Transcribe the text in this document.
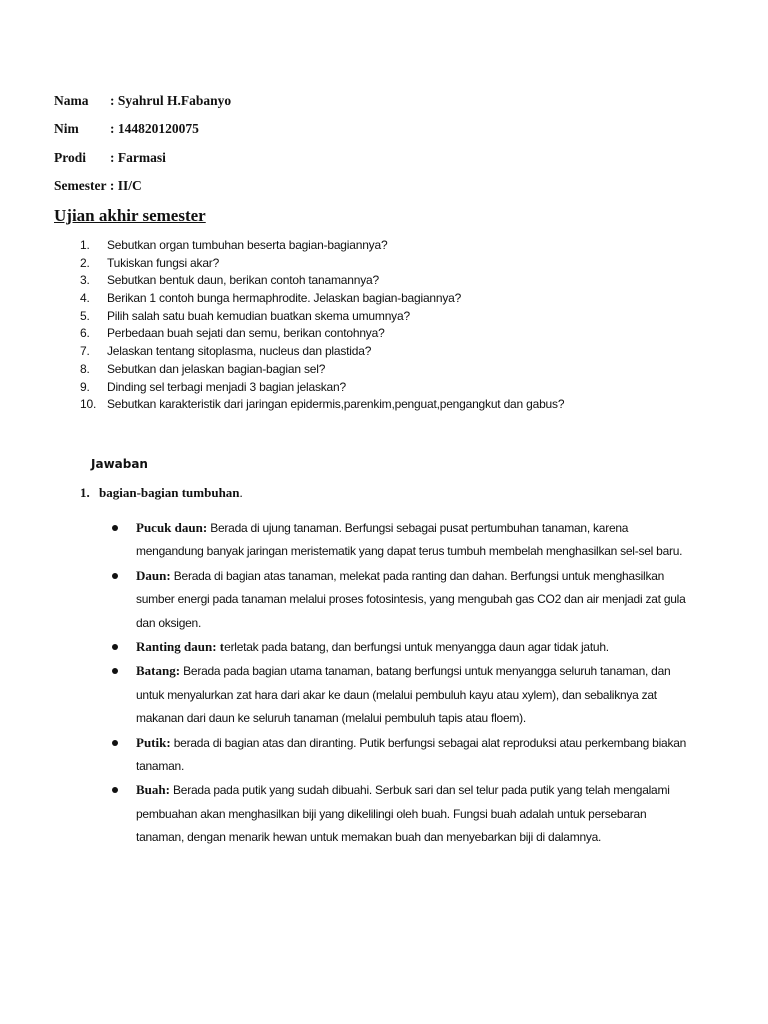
Nama : Syahrul H.Fabanyo
Nim : 144820120075
Prodi : Farmasi
Semester : II/C
Ujian akhir semester
1. Sebutkan organ tumbuhan beserta bagian-bagiannya?
2. Tukiskan fungsi akar?
3. Sebutkan bentuk daun, berikan contoh tanamannya?
4. Berikan 1 contoh bunga hermaphrodite. Jelaskan bagian-bagiannya?
5. Pilih salah satu buah kemudian buatkan skema umumnya?
6. Perbedaan buah sejati dan semu, berikan contohnya?
7. Jelaskan tentang sitoplasma, nucleus dan plastida?
8. Sebutkan dan jelaskan bagian-bagian sel?
9. Dinding sel terbagi menjadi 3 bagian jelaskan?
10. Sebutkan karakteristik dari jaringan epidermis,parenkim,penguat,pengangkut dan gabus?
Jawaban
1. bagian-bagian tumbuhan.
Pucuk daun: Berada di ujung tanaman. Berfungsi sebagai pusat pertumbuhan tanaman, karena mengandung banyak jaringan meristematik yang dapat terus tumbuh membelah menghasilkan sel-sel baru.
Daun: Berada di bagian atas tanaman, melekat pada ranting dan dahan. Berfungsi untuk menghasilkan sumber energi pada tanaman melalui proses fotosintesis, yang mengubah gas CO2 dan air menjadi zat gula dan oksigen.
Ranting daun: terletak pada batang, dan berfungsi untuk menyangga daun agar tidak jatuh.
Batang: Berada pada bagian utama tanaman, batang berfungsi untuk menyangga seluruh tanaman, dan untuk menyalurkan zat hara dari akar ke daun (melalui pembuluh kayu atau xylem), dan sebaliknya zat makanan dari daun ke seluruh tanaman (melalui pembuluh tapis atau floem).
Putik: berada di bagian atas dan diranting. Putik berfungsi sebagai alat reproduksi atau perkembang biakan tanaman.
Buah: Berada pada putik yang sudah dibuahi. Serbuk sari dan sel telur pada putik yang telah mengalami pembuahan akan menghasilkan biji yang dikelilingi oleh buah. Fungsi buah adalah untuk persebaran tanaman, dengan menarik hewan untuk memakan buah dan menyebarkan biji di dalamnya.
